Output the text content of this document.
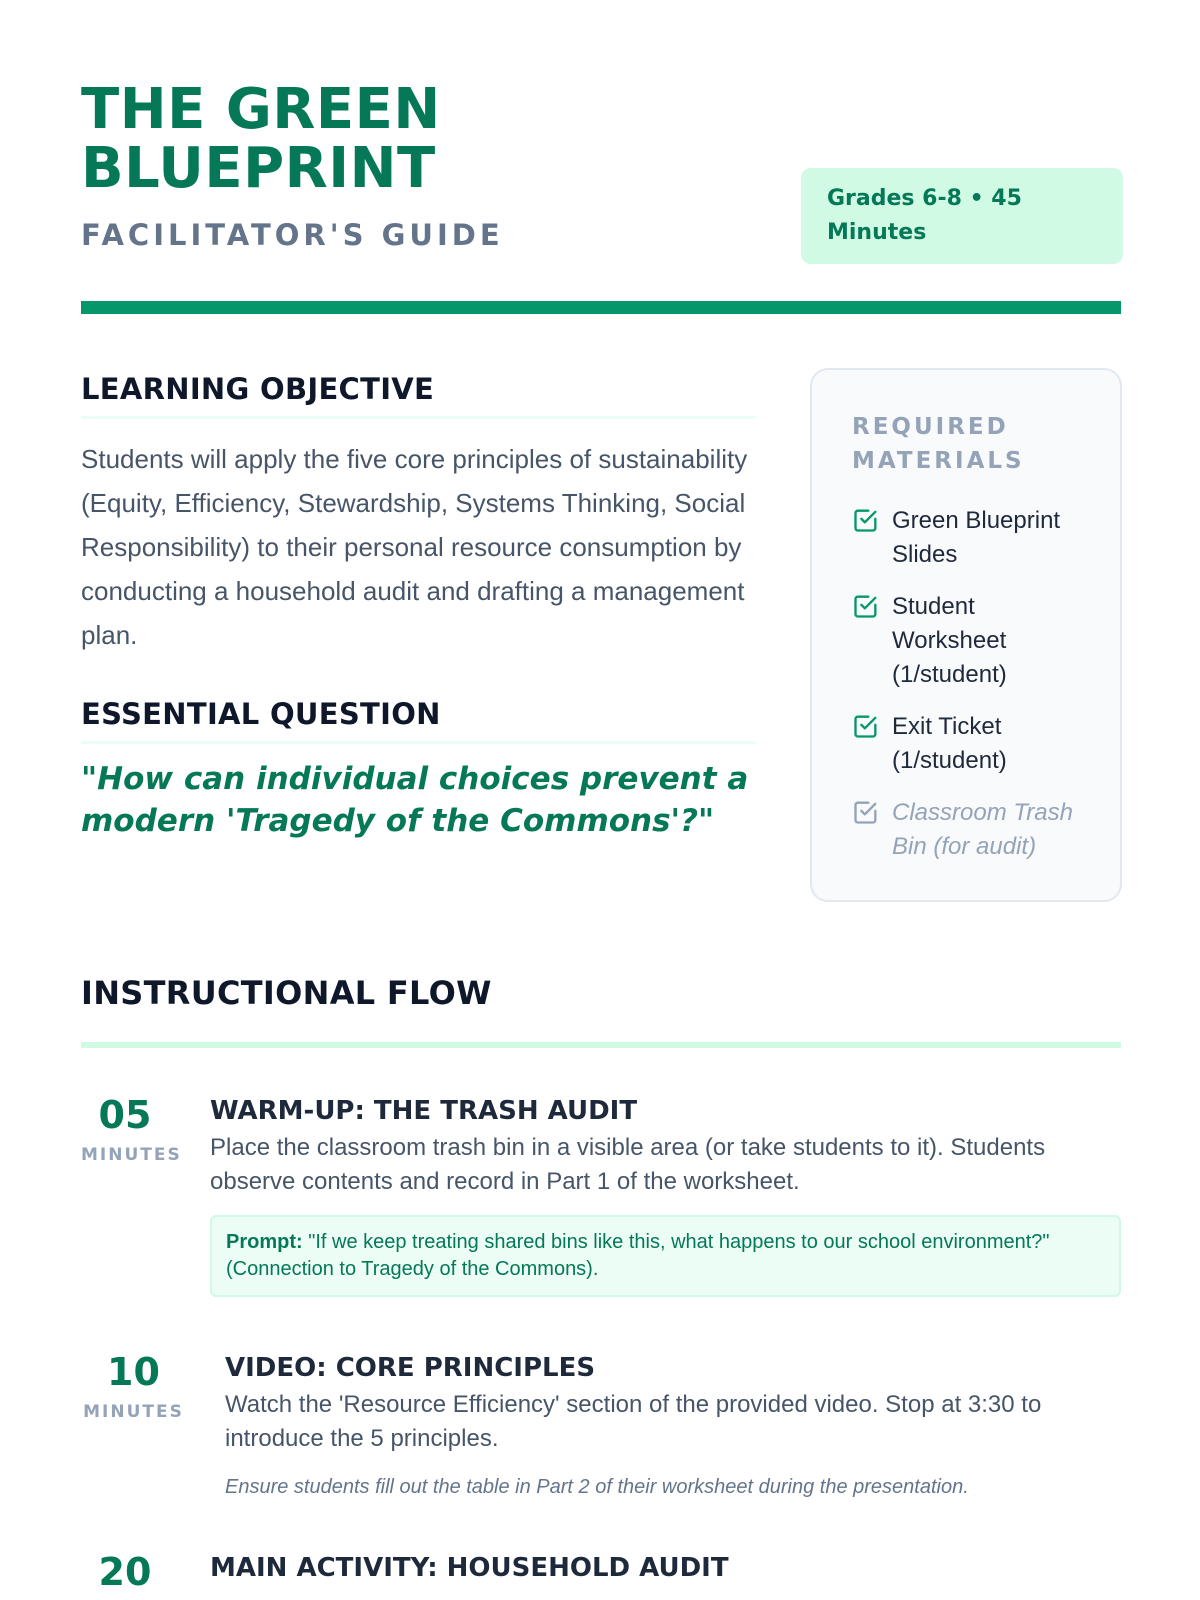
THE GREEN BLUEPRINT
FACILITATOR'S GUIDE
Grades 6-8 • 45 Minutes
LEARNING OBJECTIVE

Students will apply the five core principles of sustainability (Equity, Efficiency, Stewardship, Systems Thinking, Social Responsibility) to their personal resource consumption by conducting a household audit and drafting a management plan.

ESSENTIAL QUESTION

"How can individual choices prevent a modern 'Tragedy of the Commons'?"

REQUIRED MATERIALS
Green Blueprint Slides
Student Worksheet (1/student)
Exit Ticket (1/student)
Classroom Trash Bin (for audit)
INSTRUCTIONAL FLOW
05
MINUTES
WARM-UP: THE TRASH AUDIT

Place the classroom trash bin in a visible area (or take students to it). Students observe contents and record in Part 1 of the worksheet.

Prompt: "If we keep treating shared bins like this, what happens to our school environment?" (Connection to Tragedy of the Commons).
10
MINUTES
VIDEO: CORE PRINCIPLES

Watch the 'Resource Efficiency' section of the provided video. Stop at 3:30 to introduce the 5 principles.

Ensure students fill out the table in Part 2 of their worksheet during the presentation.

20	MAIN ACTIVITY: HOUSEHOLD AUDIT
